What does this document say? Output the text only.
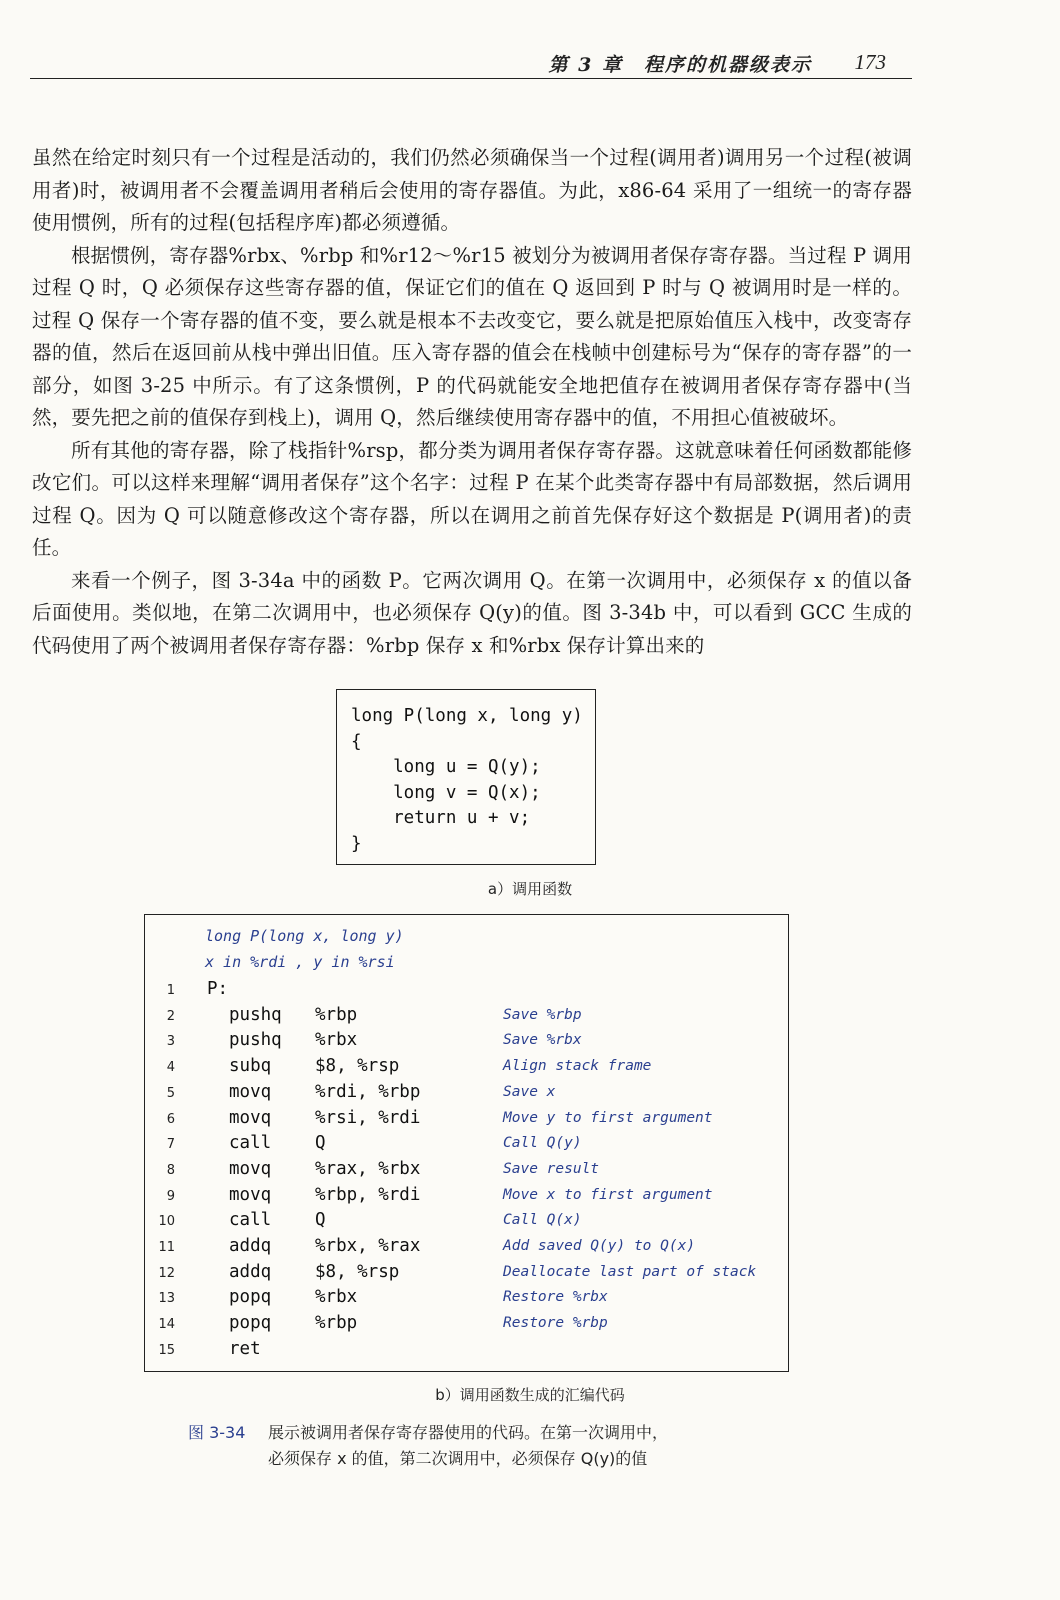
第 3 章　程序的机器级表示 173

虽然在给定时刻只有一个过程是活动的，我们仍然必须确保当一个过程(调用者)调用另一个过程(被调用者)时，被调用者不会覆盖调用者稍后会使用的寄存器值。为此，x86-64 采用了一组统一的寄存器使用惯例，所有的过程(包括程序库)都必须遵循。

根据惯例，寄存器%rbx、%rbp 和%r12～%r15 被划分为被调用者保存寄存器。当过程 P 调用过程 Q 时，Q 必须保存这些寄存器的值，保证它们的值在 Q 返回到 P 时与 Q 被调用时是一样的。过程 Q 保存一个寄存器的值不变，要么就是根本不去改变它，要么就是把原始值压入栈中，改变寄存器的值，然后在返回前从栈中弹出旧值。压入寄存器的值会在栈帧中创建标号为“保存的寄存器”的一部分，如图 3-25 中所示。有了这条惯例，P 的代码就能安全地把值存在被调用者保存寄存器中(当然，要先把之前的值保存到栈上)，调用 Q，然后继续使用寄存器中的值，不用担心值被破坏。

所有其他的寄存器，除了栈指针%rsp，都分类为调用者保存寄存器。这就意味着任何函数都能修改它们。可以这样来理解“调用者保存”这个名字：过程 P 在某个此类寄存器中有局部数据，然后调用过程 Q。因为 Q 可以随意修改这个寄存器，所以在调用之前首先保存好这个数据是 P(调用者)的责任。

来看一个例子，图 3-34a 中的函数 P。它两次调用 Q。在第一次调用中，必须保存 x 的值以备后面使用。类似地，在第二次调用中，也必须保存 Q(y)的值。图 3-34b 中，可以看到 GCC 生成的代码使用了两个被调用者保存寄存器：%rbp 保存 x 和%rbx 保存计算出来的

long P(long x, long y)
{
long u = Q(y);
long v = Q(x);
return u + v;
}
a）调用函数
long P(long x, long y)
x in %rdi , y in %rsi
1 P:
2	pushq %rbp	Save %rbp
3	pushq %rbx	Save %rbx
4	subq	$8, %rsp	Align stack frame
5	movq	%rdi, %rbp	Save x
6	movq	%rsi, %rdi	Move y to first argument
7	call	Q	Call Q(y)
8	movq	%rax, %rbx	Save result
9	movq	%rbp, %rdi	Move x to first argument
10	call	Q	Call Q(x)
11	addq	%rbx, %rax	Add saved Q(y) to Q(x)
12	addq	$8, %rsp	Deallocate last part of stack
13	popq	%rbx	Restore %rbx
14	popq	%rbp	Restore %rbp
15	ret
b）调用函数生成的汇编代码
图 3-34 展示被调用者保存寄存器使用的代码。在第一次调用中，
必须保存 x 的值，第二次调用中，必须保存 Q(y)的值
